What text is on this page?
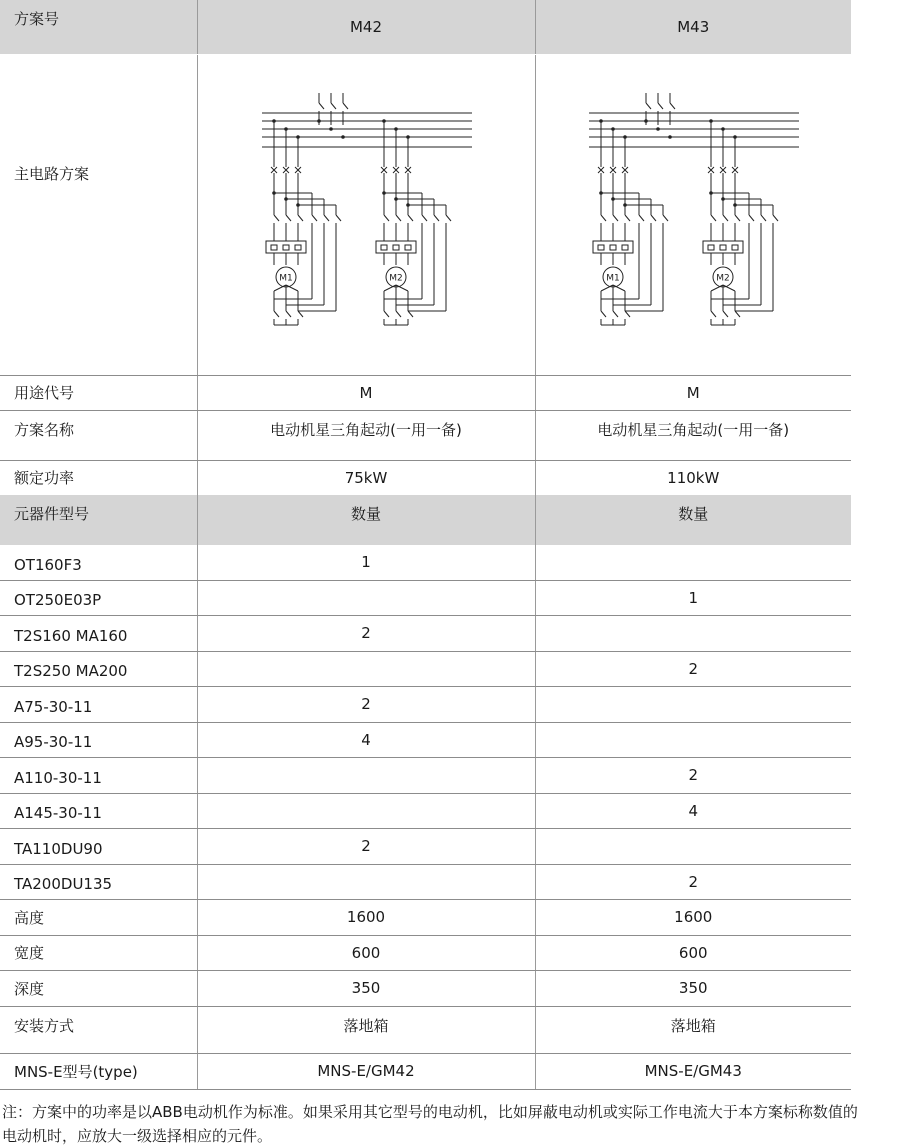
方案号	M42	M43
主电路方案	M1 M2	M1 M2

用途代号	M	M
方案名称	电动机星三角起动(一用一备)	电动机星三角起动(一用一备)
额定功率	75kW	110kW
元器件型号	数量	数量
OT160F3	1	
OT250E03P		1
T2S160 MA160	2	
T2S250 MA200		2
A75-30-11	2	
A95-30-11	4	
A110-30-11		2
A145-30-11		4
TA110DU90	2	
TA200DU135		2
高度	1600	1600
宽度	600	600
深度	350	350
安装方式	落地箱	落地箱
MNS-E型号(type)	MNS-E/GM42	MNS-E/GM43
注：方案中的功率是以ABB电动机作为标准。如果采用其它型号的电动机，比如屏蔽电动机或实际工作电流大于本方案标称数值的电动机时，应放大一级选择相应的元件。
